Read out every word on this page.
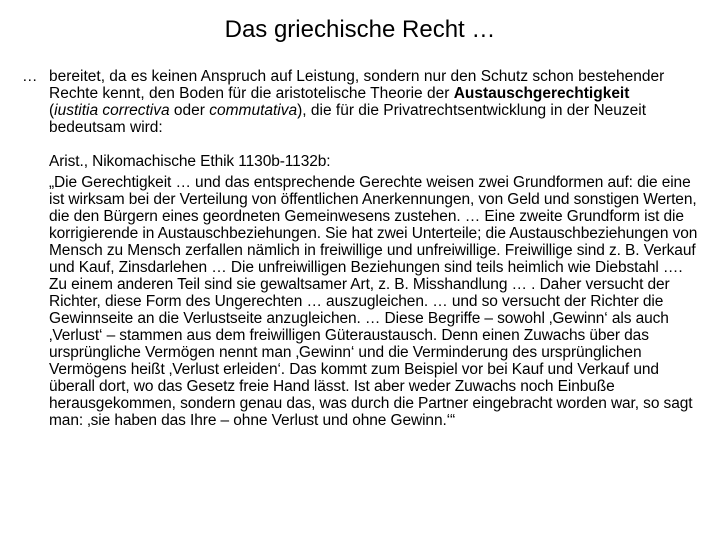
Das griechische Recht …
… bereitet, da es keinen Anspruch auf Leistung, sondern nur den Schutz schon bestehender Rechte kennt, den Boden für die aristotelische Theorie der Austauschgerechtigkeit (iustitia correctiva oder commutativa), die für die Privatrechtsentwicklung in der Neuzeit bedeutsam wird:
Arist., Nikomachische Ethik 1130b-1132b:
„Die Gerechtigkeit … und das entsprechende Gerechte weisen zwei Grundformen auf: die eine ist wirksam bei der Verteilung von öffentlichen Anerkennungen, von Geld und sonstigen Werten, die den Bürgern eines geordneten Gemeinwesens zustehen. … Eine zweite Grundform ist die korrigierende in Austauschbeziehungen. Sie hat zwei Unterteile; die Austauschbeziehungen von Mensch zu Mensch zerfallen nämlich in freiwillige und unfreiwillige. Freiwillige sind z. B. Verkauf und Kauf, Zinsdarlehen … Die unfreiwilligen Beziehungen sind teils heimlich wie Diebstahl …. Zu einem anderen Teil sind sie gewaltsamer Art, z. B. Misshandlung … . Daher versucht der Richter, diese Form des Ungerechten … auszugleichen. … und so versucht der Richter die Gewinnseite an die Verlustseite anzugleichen. … Diese Begriffe – sowohl ‚Gewinn‘ als auch ‚Verlust‘ – stammen aus dem freiwilligen Güteraustausch. Denn einen Zuwachs über das ursprüngliche Vermögen nennt man ‚Gewinn‘ und die Verminderung des ursprünglichen Vermögens heißt ‚Verlust erleiden‘. Das kommt zum Beispiel vor bei Kauf und Verkauf und überall dort, wo das Gesetz freie Hand lässt. Ist aber weder Zuwachs noch Einbuße herausgekommen, sondern genau das, was durch die Partner eingebracht worden war, so sagt man: ‚sie haben das Ihre – ohne Verlust und ohne Gewinn.‘“
